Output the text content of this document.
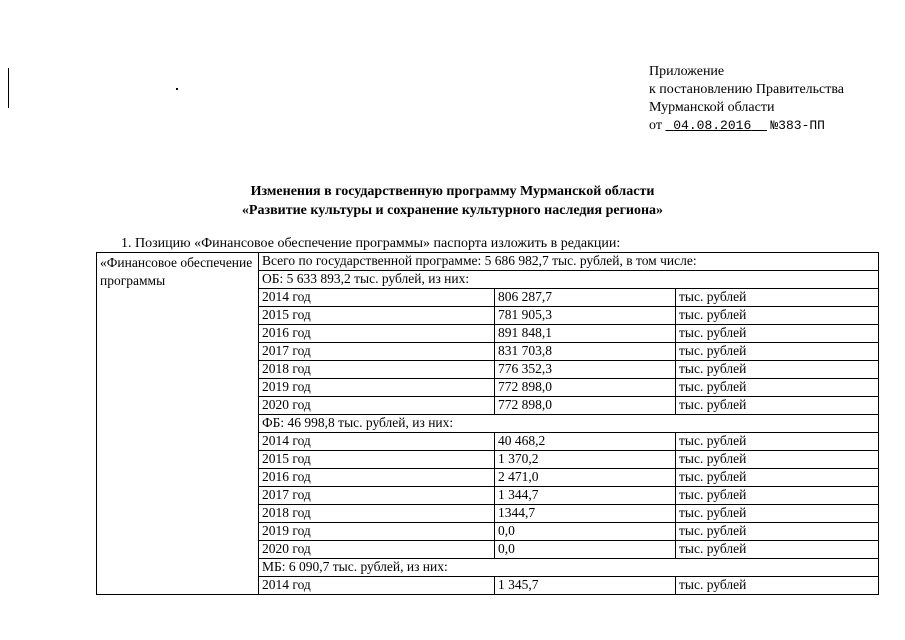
Приложение
к постановлению Правительства
Мурманской области
от 04.08.2016 №383-ПП
Изменения в государственную программу Мурманской области
«Развитие культуры и сохранение культурного наследия региона»
1. Позицию «Финансовое обеспечение программы» паспорта изложить в редакции:
«Финансовое обеспечение программы	Всего по государственной программе: 5 686 982,7 тыс. рублей, в том числе:		
	ОБ: 5 633 893,2 тыс. рублей, из них:		
	2014 год	806 287,7	тыс. рублей
	2015 год	781 905,3	тыс. рублей
	2016 год	891 848,1	тыс. рублей
	2017 год	831 703,8	тыс. рублей
	2018 год	776 352,3	тыс. рублей
	2019 год	772 898,0	тыс. рублей
	2020 год	772 898,0	тыс. рублей
	ФБ: 46 998,8 тыс. рублей, из них:		
	2014 год	40 468,2	тыс. рублей
	2015 год	1 370,2	тыс. рублей
	2016 год	2 471,0	тыс. рублей
	2017 год	1 344,7	тыс. рублей
	2018 год	1344,7	тыс. рублей
	2019 год	0,0	тыс. рублей
	2020 год	0,0	тыс. рублей
	МБ: 6 090,7 тыс. рублей, из них:		
	2014 год	1 345,7	тыс. рублей
